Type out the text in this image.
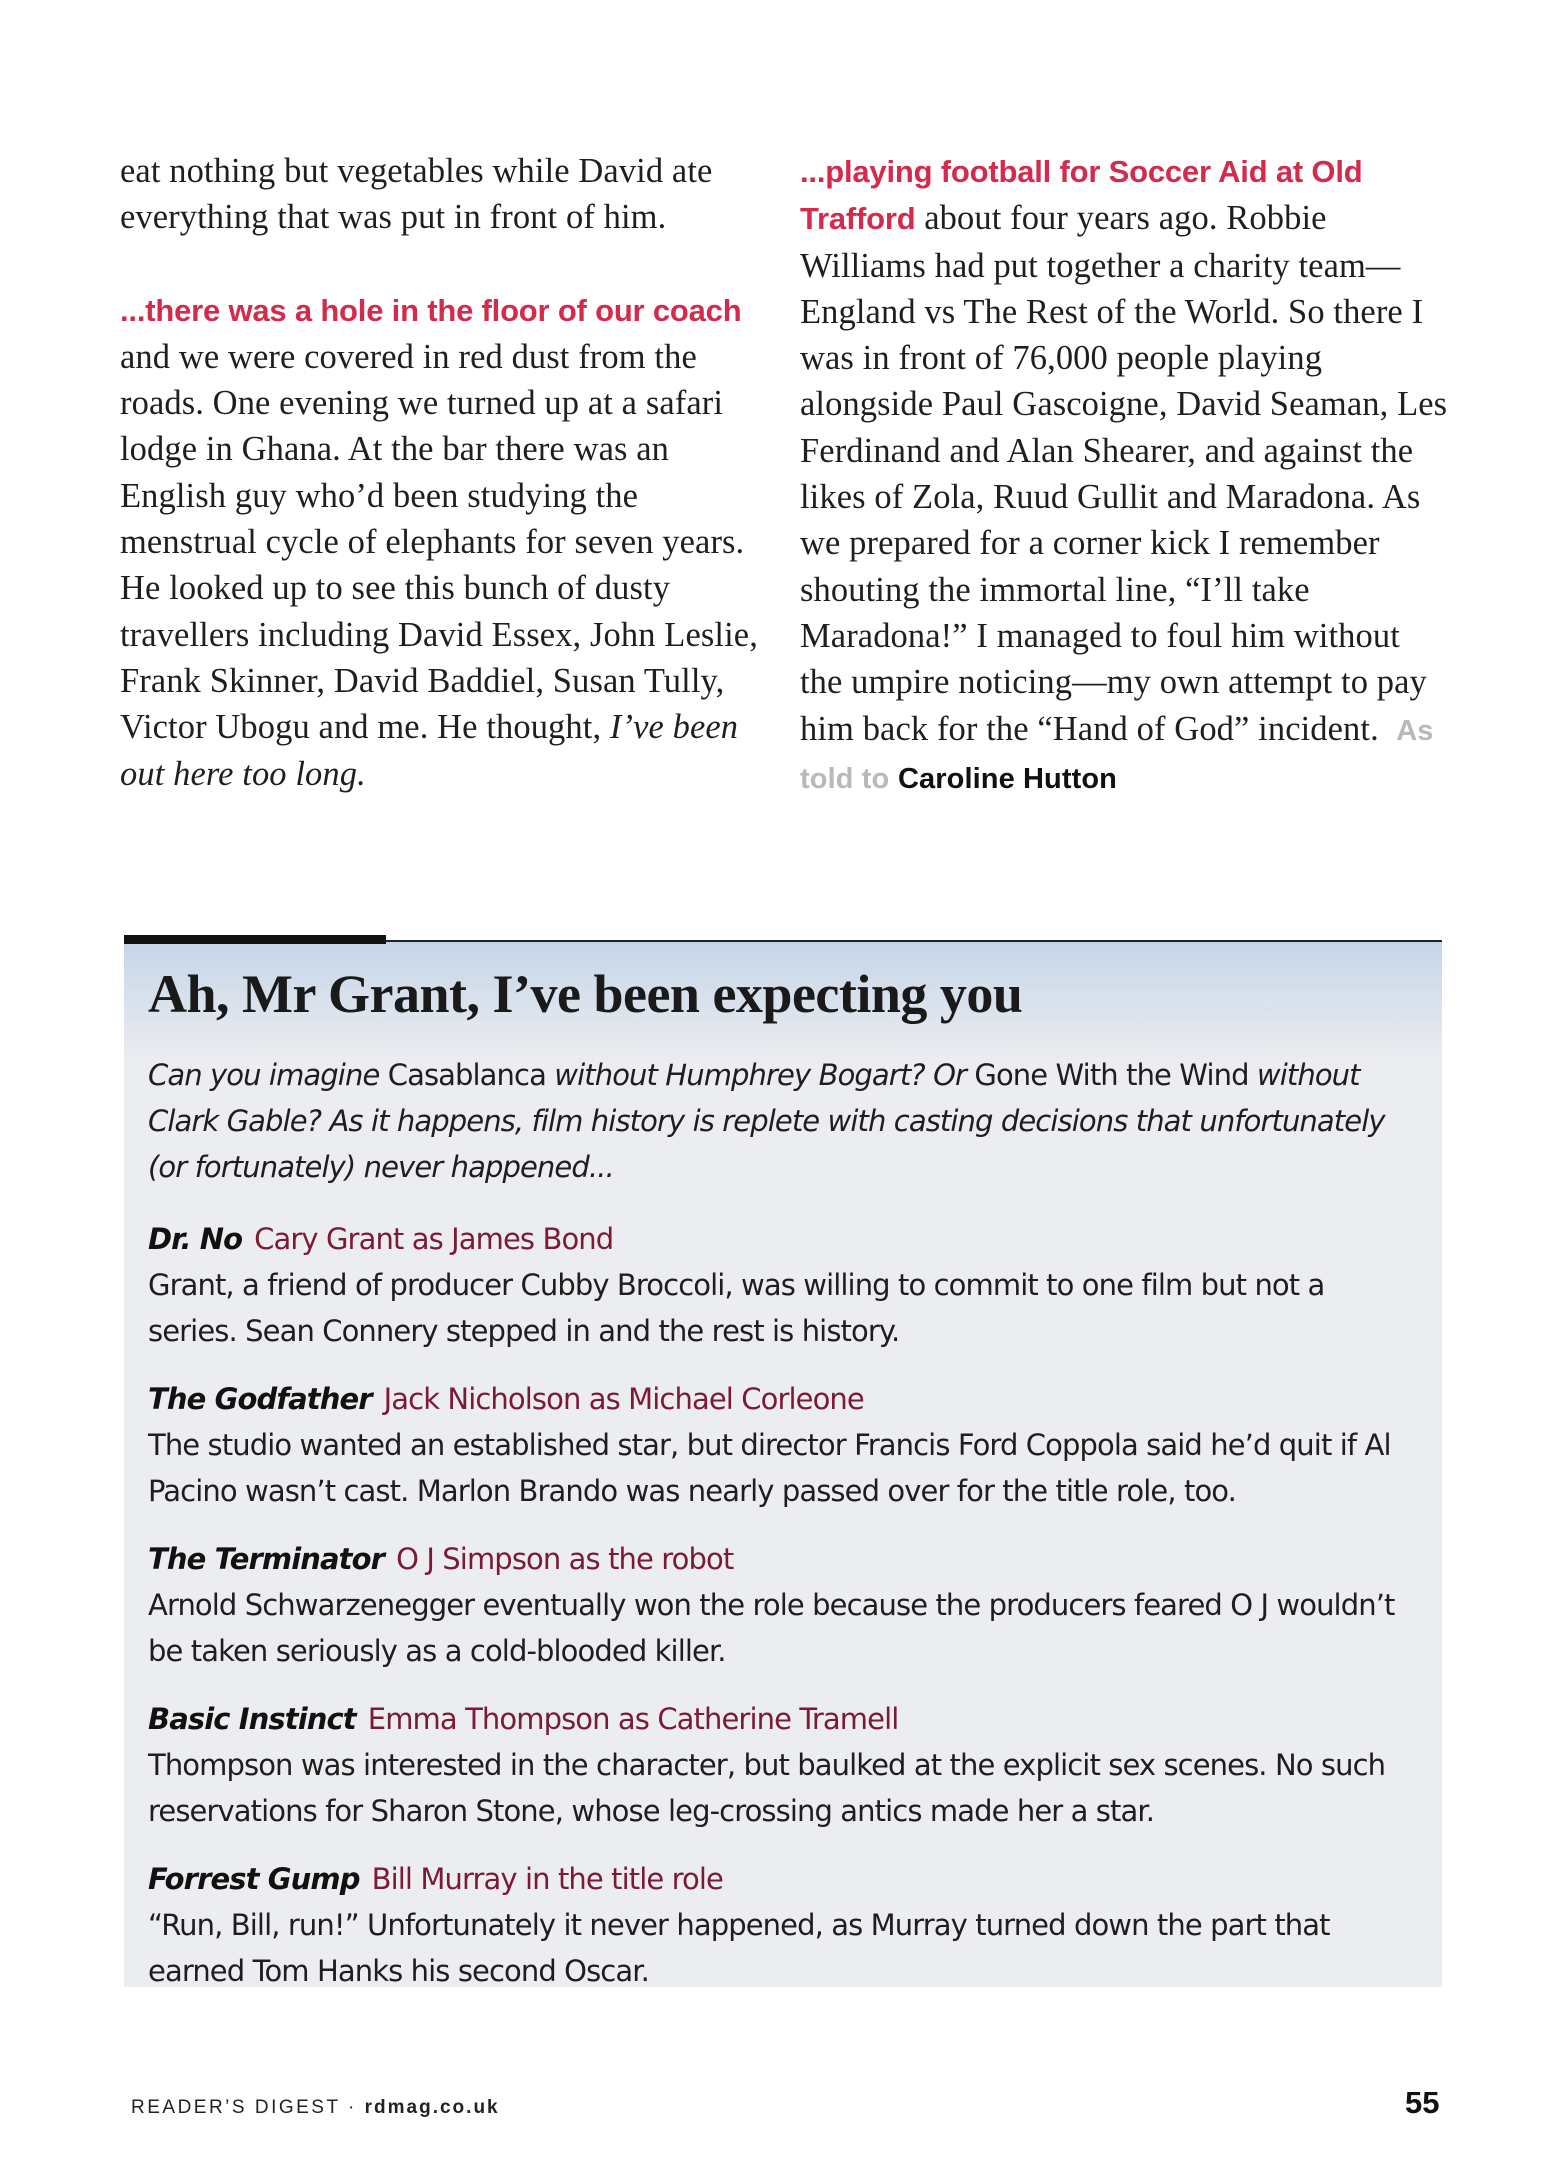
eat nothing but vegetables while David ate everything that was put in front of him.

...there was a hole in the floor of our coach and we were covered in red dust from the roads. One evening we turned up at a safari lodge in Ghana. At the bar there was an English guy who’d been studying the menstrual cycle of elephants for seven years. He looked up to see this bunch of dusty travellers including David Essex, John Leslie, Frank Skinner, David Baddiel, Susan Tully, Victor Ubogu and me. He thought, I’ve been out here too long.

...playing football for Soccer Aid at Old Trafford about four years ago. Robbie Williams had put together a charity team—England vs The Rest of the World. So there I was in front of 76,000 people playing alongside Paul Gascoigne, David Seaman, Les Ferdinand and Alan Shearer, and against the likes of Zola, Ruud Gullit and Maradona. As we prepared for a corner kick I remember shouting the immortal line, “I’ll take Maradona!” I managed to foul him without the umpire noticing—my own attempt to pay him back for the “Hand of God” incident. As told to Caroline Hutton

Ah, Mr Grant, I’ve been expecting you

Can you imagine Casablanca without Humphrey Bogart? Or Gone With the Wind without Clark Gable? As it happens, film history is replete with casting decisions that unfortunately (or fortunately) never happened...

Dr. No Cary Grant as James Bond
Grant, a friend of producer Cubby Broccoli, was willing to commit to one film but not a series. Sean Connery stepped in and the rest is history.
The Godfather Jack Nicholson as Michael Corleone
The studio wanted an established star, but director Francis Ford Coppola said he’d quit if Al Pacino wasn’t cast. Marlon Brando was nearly passed over for the title role, too.
The Terminator O J Simpson as the robot
Arnold Schwarzenegger eventually won the role because the producers feared O J wouldn’t be taken seriously as a cold-blooded killer.
Basic Instinct Emma Thompson as Catherine Tramell
Thompson was interested in the character, but baulked at the explicit sex scenes. No such reservations for Sharon Stone, whose leg-crossing antics made her a star.
Forrest Gump Bill Murray in the title role
“Run, Bill, run!” Unfortunately it never happened, as Murray turned down the part that earned Tom Hanks his second Oscar.
READER’S DIGEST · rdmag.co.uk	55
